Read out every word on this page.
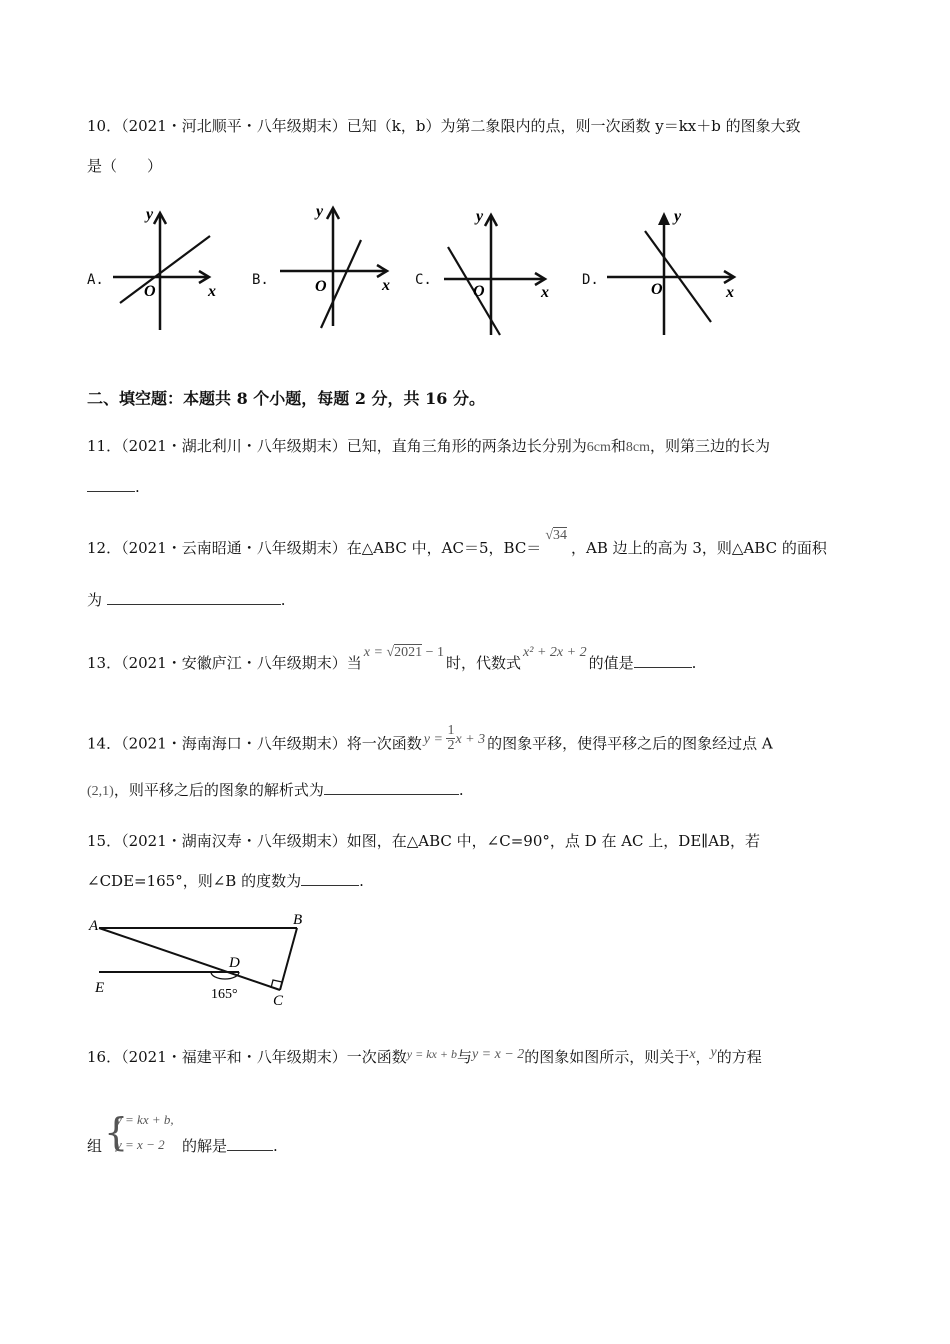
10．（2021・河北顺平・八年级期末）已知（k，b）为第二象限内的点，则一次函数 y＝kx＋b 的图象大致
是（　　）
A.
y
x
O
B.
y
x
O	C.
y
x
O
D.
y
x
O
二、填空题：本题共 8 个小题，每题 2 分，共 16 分。
11．（2021・湖北利川・八年级期末）已知，直角三角形的两条边长分别为6cm和8cm，则第三边的长为
.
12．（2021・云南昭通・八年级期末）在△ABC 中，AC＝5，BC＝√34，AB 边上的高为 3，则△ABC 的面积
为	.
13．（2021・安徽庐江・八年级期末）当x = √2021 − 1时，代数式x² + 2x + 2的值是	.
14．（2021・海南海口・八年级期末）将一次函数 $y = \frac{1}{2}$ x + 3 的图象平移，使得平移之后的图象经过点 A
(2,1)，则平移之后的图象的解析式为	.
15．（2021・湖南汉寿・八年级期末）如图，在△ABC 中，∠C=90°，点 D 在 AC 上，DE∥AB，若
∠CDE=165°，则∠B 的度数为	.
A	B
C
D
E	165°
16．（2021・福建平和・八年级期末）一次函数$^{y = kx + b}$与y = x − 2的图象如图所示，则关于x，y的方程
组 {
y = kx + b,
y = x − 2 的解是	.
